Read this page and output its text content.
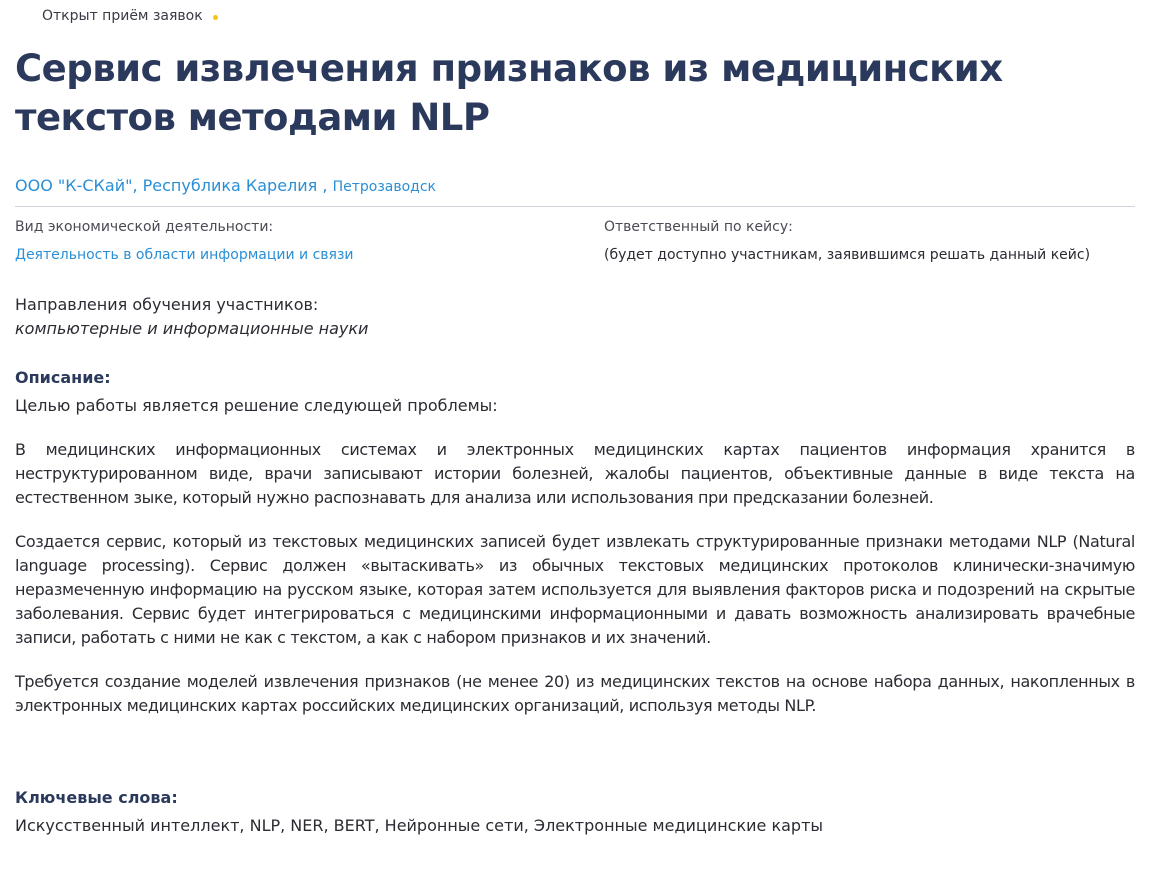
Открыт приём заявок
Сервис извлечения признаков из медицинских текстов методами NLP
ООО "К-СКай", Республика Карелия , Петрозаводск
Вид экономической деятельности:
Деятельность в области информации и связи
Ответственный по кейсу:
(будет доступно участникам, заявившимся решать данный кейс)
Направления обучения участников:
компьютерные и информационные науки
Описание:
Целью работы является решение следующей проблемы:

В медицинских информационных системах и электронных медицинских картах пациентов информация хранится в неструктурированном виде, врачи записывают истории болезней, жалобы пациентов, объективные данные в виде текста на естественном зыке, который нужно распознавать для анализа или использования при предсказании болезней.

Создается сервис, который из текстовых медицинских записей будет извлекать структурированные признаки методами NLP (Natural language processing). Сервис должен «вытаскивать» из обычных текстовых медицинских протоколов клинически-значимую неразмеченную информацию на русском языке, которая затем используется для выявления факторов риска и подозрений на скрытые заболевания. Сервис будет интегрироваться с медицинскими информационными и давать возможность анализировать врачебные записи, работать с ними не как с текстом, а как с набором признаков и их значений.

Требуется создание моделей извлечения признаков (не менее 20) из медицинских текстов на основе набора данных, накопленных в электронных медицинских картах российских медицинских организаций, используя методы NLP.

Ключевые слова:
Искусственный интеллект, NLP, NER, BERT, Нейронные сети, Электронные медицинские карты
